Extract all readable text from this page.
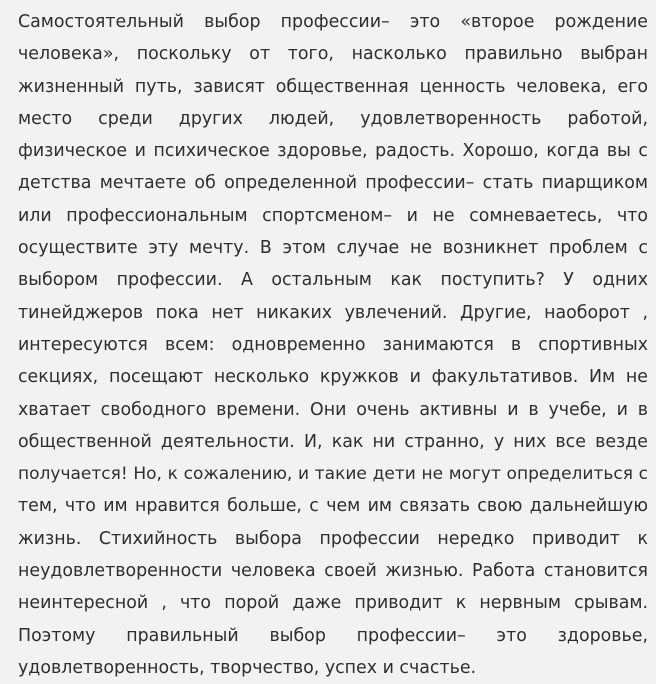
Самостоятельный выбор профессии– это «второе рождение
человека», поскольку от того, насколько правильно выбран
жизненный путь, зависят общественная ценность человека, его
место среди других людей, удовлетворенность работой,
физическое и психическое здоровье, радость. Хорошо, когда вы с
детства мечтаете об определенной профессии– стать пиарщиком
или профессиональным спортсменом– и не сомневаетесь, что
осуществите эту мечту. В этом случае не возникнет проблем с
выбором профессии. А остальным как поступить? У одних
тинейджеров пока нет никаких увлечений. Другие, наоборот ,
интересуются всем: одновременно занимаются в спортивных
секциях, посещают несколько кружков и факультативов. Им не
хватает свободного времени. Они очень активны и в учебе, и в
общественной деятельности. И, как ни странно, у них все везде
получается! Но, к сожалению, и такие дети не могут определиться с
тем, что им нравится больше, с чем им связать свою дальнейшую
жизнь. Стихийность выбора профессии нередко приводит к
неудовлетворенности человека своей жизнью. Работа становится
неинтересной , что порой даже приводит к нервным срывам.
Поэтому правильный выбор профессии– это здоровье,
удовлетворенность, творчество, успех и счастье.
